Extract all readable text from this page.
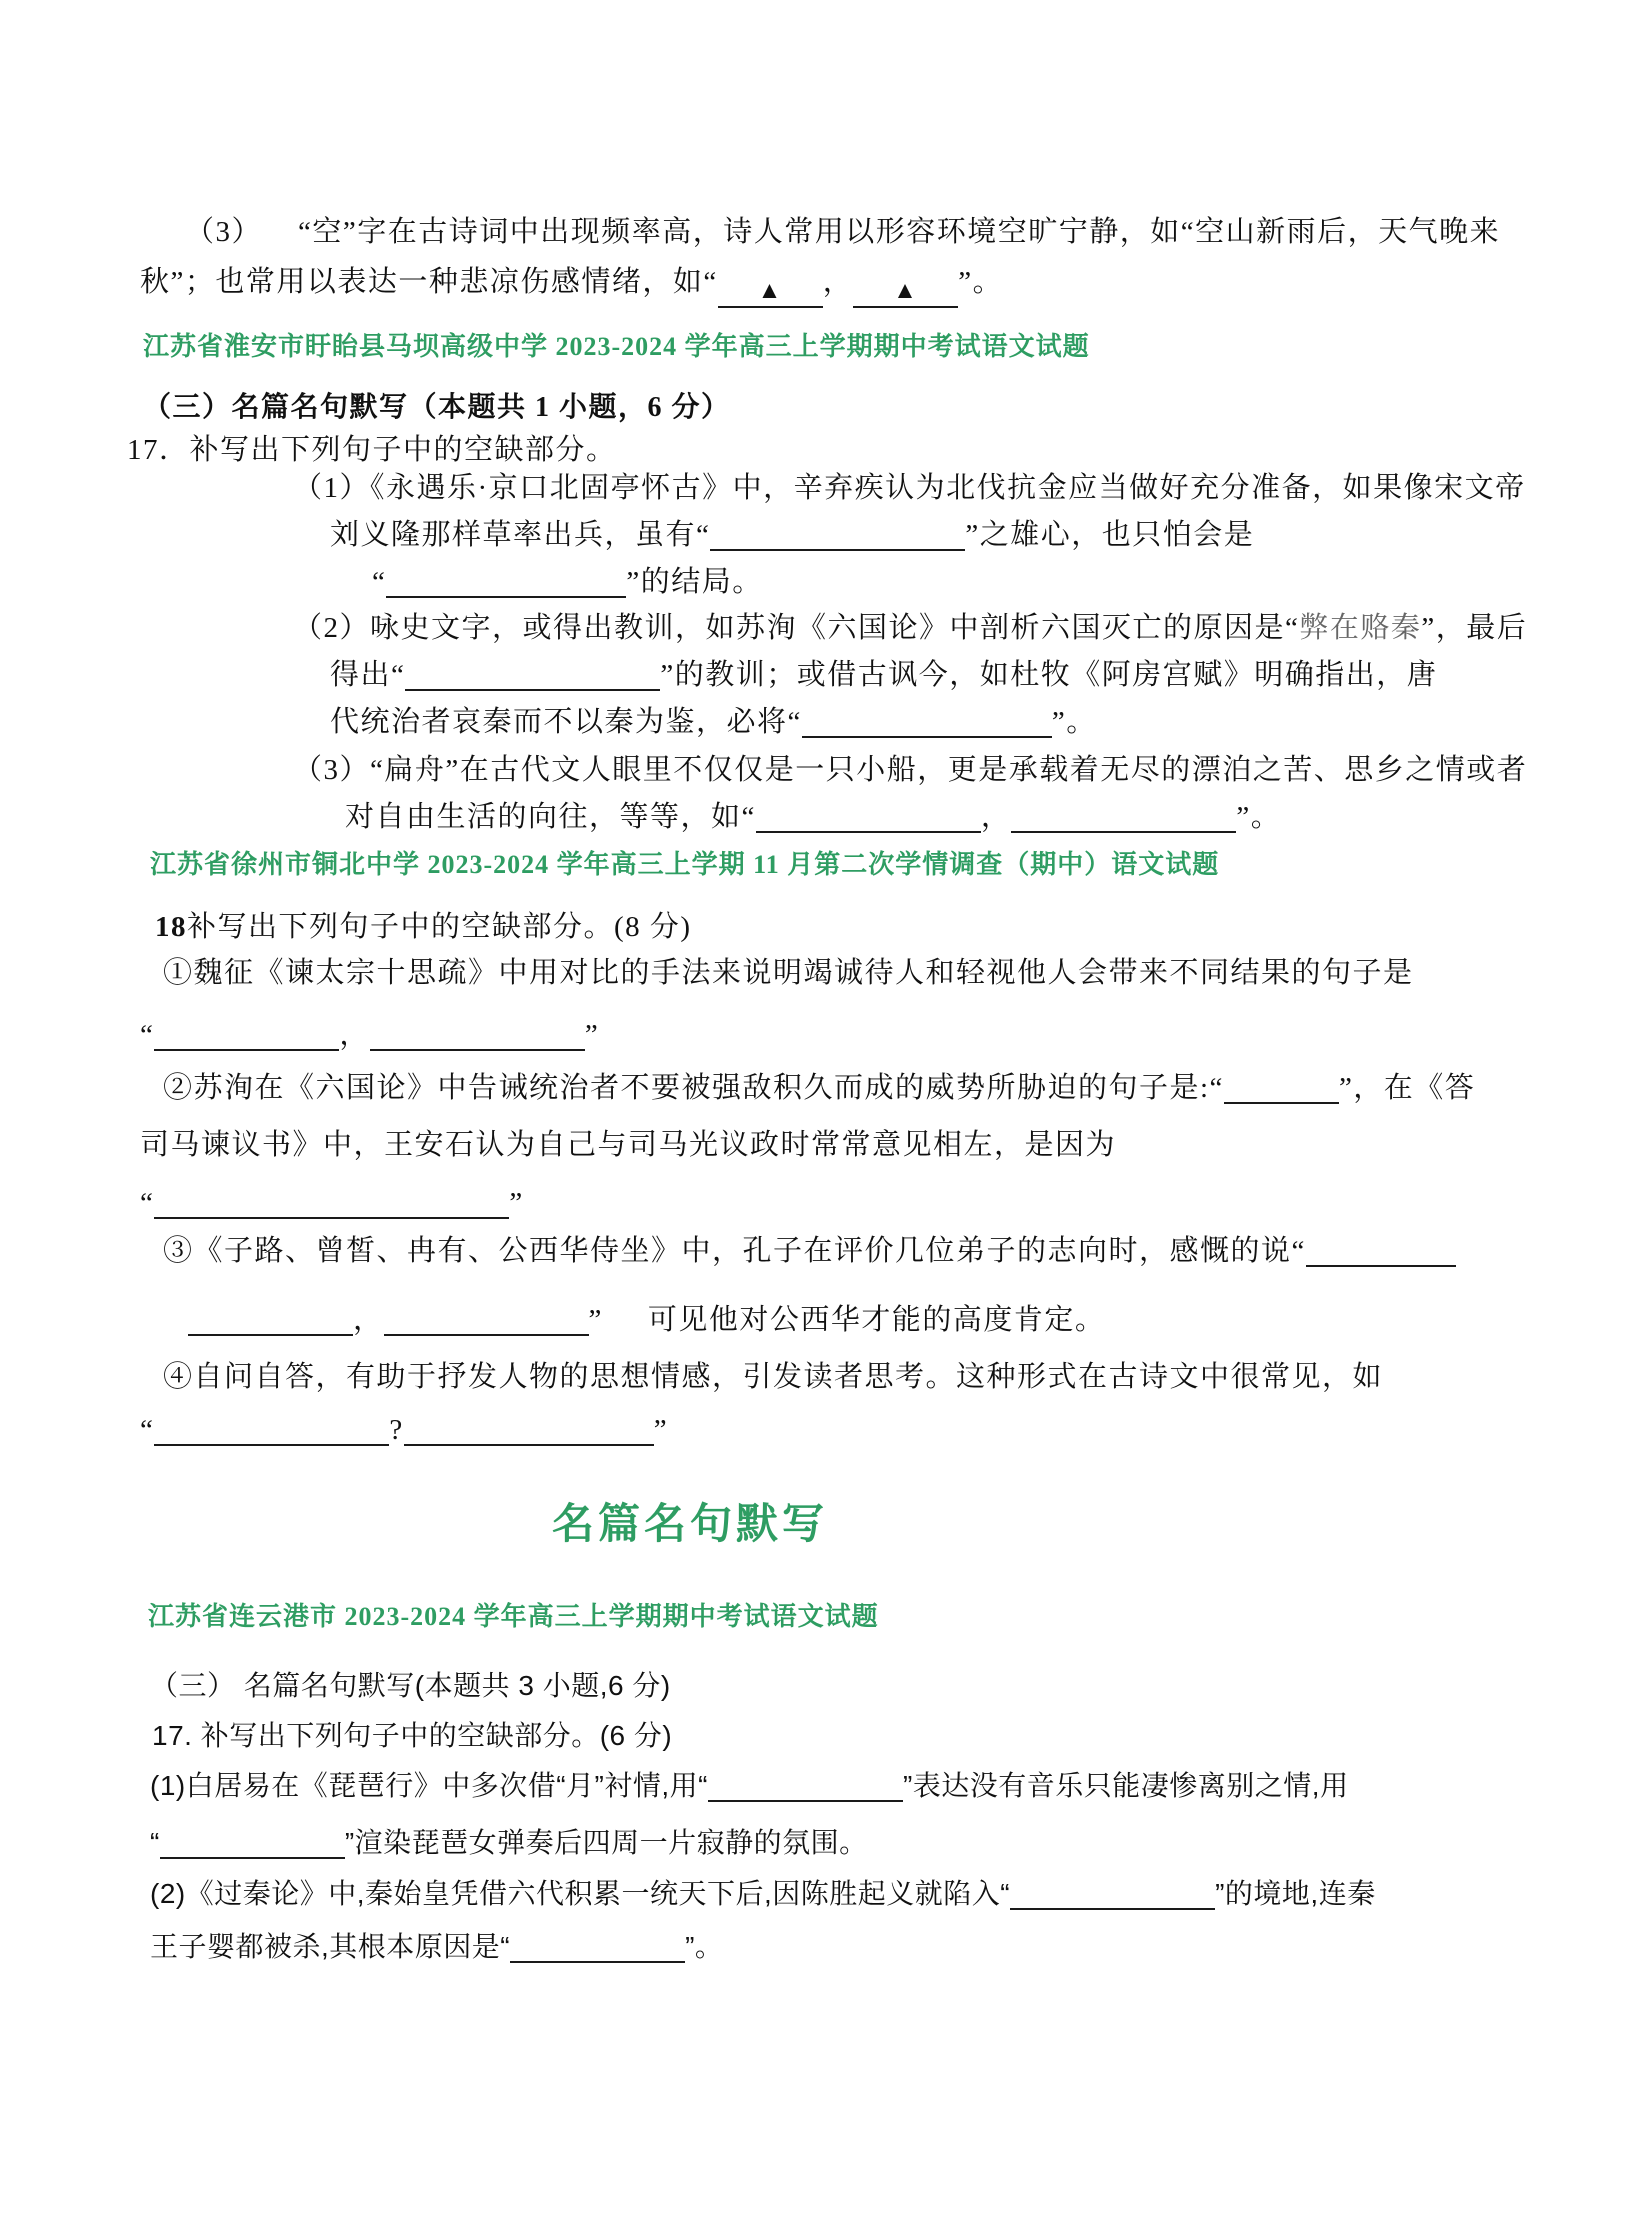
（3） “空”字在古诗词中出现频率高，诗人常用以形容环境空旷宁静，如“空山新雨后，天气晚来
秋”；也常用以表达一种悲凉伤感情绪，如“ ▲ ， ▲ ”。
江苏省淮安市盱眙县马坝高级中学 2023-2024 学年高三上学期期中考试语文试题
（三）名篇名句默写（本题共 1 小题，6 分）
17．补写出下列句子中的空缺部分。
（1）《永遇乐·京口北固亭怀古》中，辛弃疾认为北伐抗金应当做好充分准备，如果像宋文帝
刘义隆那样草率出兵，虽有“	”之雄心，也只怕会是
“	”的结局。
（2）咏史文字，或得出教训，如苏洵《六国论》中剖析六国灭亡的原因是“弊在赂秦”，最后
得出“	”的教训；或借古讽今，如杜牧《阿房宫赋》明确指出，唐
代统治者哀秦而不以秦为鉴，必将“	”。
（3）“扁舟”在古代文人眼里不仅仅是一只小船，更是承载着无尽的漂泊之苦、思乡之情或者
对自由生活的向往，等等，如“	，	”。
江苏省徐州市铜北中学 2023-2024 学年高三上学期 11 月第二次学情调查（期中）语文试题
18补写出下列句子中的空缺部分。(8 分)
①魏征《谏太宗十思疏》中用对比的手法来说明竭诚待人和轻视他人会带来不同结果的句子是
“	，	”
②苏洵在《六国论》中告诫统治者不要被强敌积久而成的威势所胁迫的句子是:“	”，在《答
司马谏议书》中，王安石认为自己与司马光议政时常常意见相左，是因为
“	”
③《子路、曾皙、冉有、公西华侍坐》中，孔子在评价几位弟子的志向时，感慨的说“
，	” 可见他对公西华才能的高度肯定。
④自问自答，有助于抒发人物的思想情感，引发读者思考。这种形式在古诗文中很常见，如
“	?	”
名篇名句默写
江苏省连云港市 2023-2024 学年高三上学期期中考试语文试题
（三） 名篇名句默写(本题共 3 小题,6 分)
17. 补写出下列句子中的空缺部分。(6 分)
(1)白居易在《琵琶行》中多次借“月”衬情,用“	”表达没有音乐只能凄惨离别之情,用
“	”渲染琵琶女弹奏后四周一片寂静的氛围。
(2)《过秦论》中,秦始皇凭借六代积累一统天下后,因陈胜起义就陷入“	”的境地,连秦
王子婴都被杀,其根本原因是“	”。
